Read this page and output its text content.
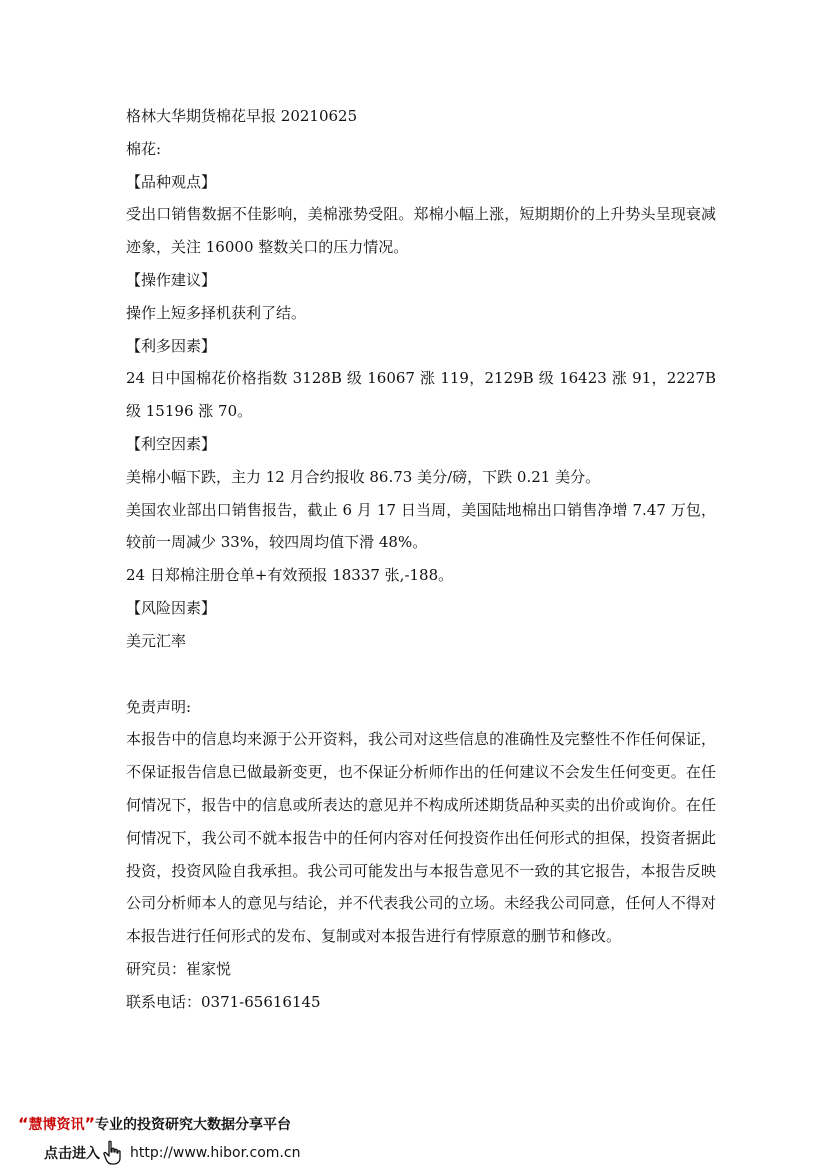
格林大华期货棉花早报 20210625

棉花:

【品种观点】

受出口销售数据不佳影响，美棉涨势受阻。郑棉小幅上涨，短期期价的上升势头呈现衰减迹象，关注 16000 整数关口的压力情况。

【操作建议】

操作上短多择机获利了结。

【利多因素】

24 日中国棉花价格指数 3128B 级 16067 涨 119，2129B 级 16423 涨 91，2227B 级 15196 涨 70。

【利空因素】

美棉小幅下跌，主力 12 月合约报收 86.73 美分/磅，下跌 0.21 美分。

美国农业部出口销售报告，截止 6 月 17 日当周，美国陆地棉出口销售净增 7.47 万包，较前一周减少 33%，较四周均值下滑 48%。

24 日郑棉注册仓单+有效预报 18337 张,-188。

【风险因素】

美元汇率

免责声明:

本报告中的信息均来源于公开资料，我公司对这些信息的准确性及完整性不作任何保证，不保证报告信息已做最新变更，也不保证分析师作出的任何建议不会发生任何变更。在任何情况下，报告中的信息或所表达的意见并不构成所述期货品种买卖的出价或询价。在任何情况下，我公司不就本报告中的任何内容对任何投资作出任何形式的担保，投资者据此投资，投资风险自我承担。我公司可能发出与本报告意见不一致的其它报告，本报告反映公司分析师本人的意见与结论，并不代表我公司的立场。未经我公司同意，任何人不得对本报告进行任何形式的发布、复制或对本报告进行有悖原意的删节和修改。

研究员：崔家悦

联系电话：0371-65616145

“慧博资讯”专业的投资研究大数据分享平台
点击进入 http://www.hibor.com.cn
